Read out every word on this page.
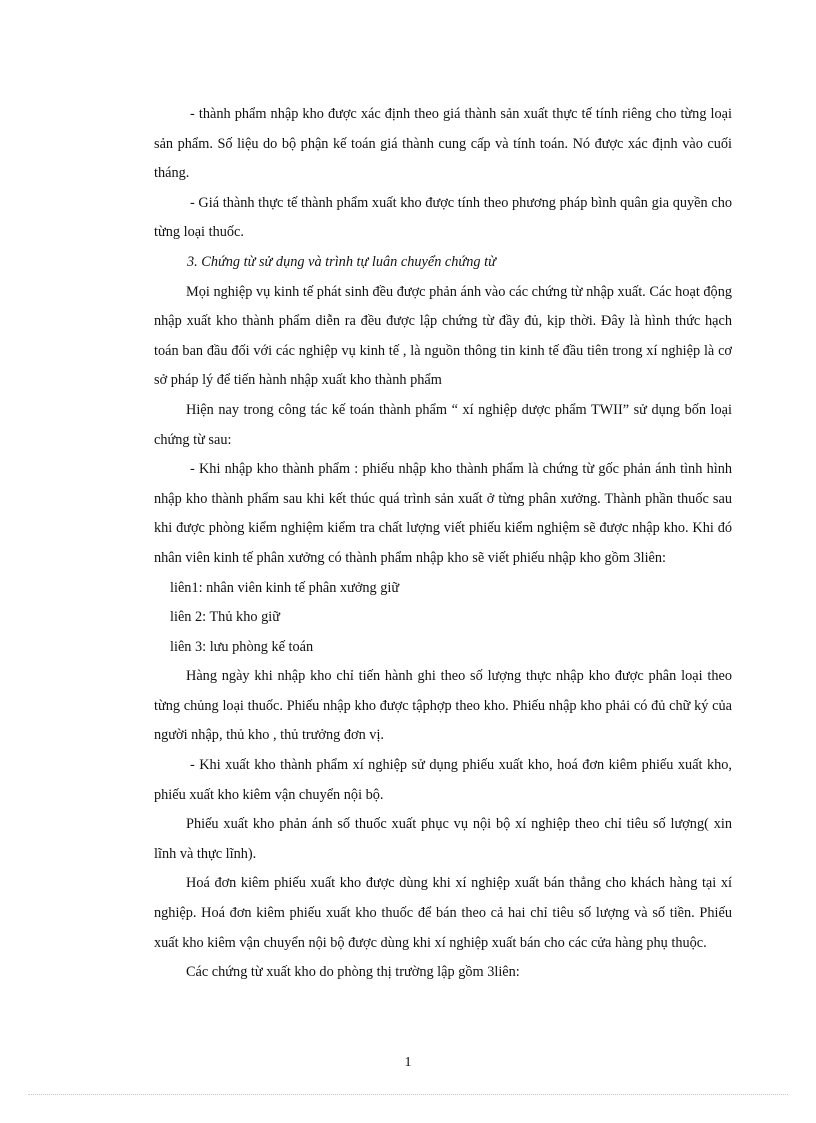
- thành phẩm nhập kho được xác định theo giá thành sản xuất thực tế tính riêng cho từng loại sản phẩm. Số liệu do bộ phận kế toán giá thành cung cấp và tính toán. Nó được xác định vào cuối tháng.

- Giá thành thực tế thành phẩm xuất kho được tính theo phương pháp bình quân gia quyền cho từng loại thuốc.

3. Chứng từ sử dụng và trình tự luân chuyển chứng từ

Mọi nghiệp vụ kinh tế phát sinh đều được phản ánh vào các chứng từ nhập xuất. Các hoạt động nhập xuất kho thành phẩm diễn ra đều được lập chứng từ đầy đủ, kịp thời. Đây là hình thức hạch toán ban đầu đối với các nghiệp vụ kinh tế , là nguồn thông tin kinh tế đầu tiên trong xí nghiệp là cơ sở pháp lý để tiến hành nhập xuất kho thành phẩm

Hiện nay trong công tác kế toán thành phẩm “ xí nghiệp dược phẩm TWII” sử dụng bốn loại chứng từ sau:

- Khi nhập kho thành phẩm : phiếu nhập kho thành phẩm là chứng từ gốc phản ánh tình hình nhập kho thành phẩm sau khi kết thúc quá trình sản xuất ở từng phân xưởng. Thành phần thuốc sau khi được phòng kiểm nghiệm kiểm tra chất lượng viết phiếu kiểm nghiệm sẽ được nhập kho. Khi đó nhân viên kinh tế phân xưởng có thành phẩm nhập kho sẽ viết phiếu nhập kho gồm 3liên:

liên1: nhân viên kinh tế phân xưởng giữ

liên 2: Thủ kho giữ

liên 3: lưu phòng kế toán

Hàng ngày khi nhập kho chỉ tiến hành ghi theo số lượng thực nhập kho được phân loại theo từng chủng loại thuốc. Phiếu nhập kho được tậphợp theo kho. Phiếu nhập kho phải có đủ chữ ký của người nhập, thủ kho , thủ trưởng đơn vị.

- Khi xuất kho thành phẩm xí nghiệp sử dụng phiếu xuất kho, hoá đơn kiêm phiếu xuất kho, phiếu xuất kho kiêm vận chuyển nội bộ.

Phiếu xuất kho phản ánh số thuốc xuất phục vụ nội bộ xí nghiệp theo chỉ tiêu số lượng( xin lĩnh và thực lĩnh).

Hoá đơn kiêm phiếu xuất kho được dùng khi xí nghiệp xuất bán thẳng cho khách hàng tại xí nghiệp. Hoá đơn kiêm phiếu xuất kho thuốc để bán theo cả hai chỉ tiêu số lượng và số tiền. Phiếu xuất kho kiêm vận chuyển nội bộ được dùng khi xí nghiệp xuất bán cho các cửa hàng phụ thuộc.

Các chứng từ xuất kho do phòng thị trường lập gồm 3liên:

1
